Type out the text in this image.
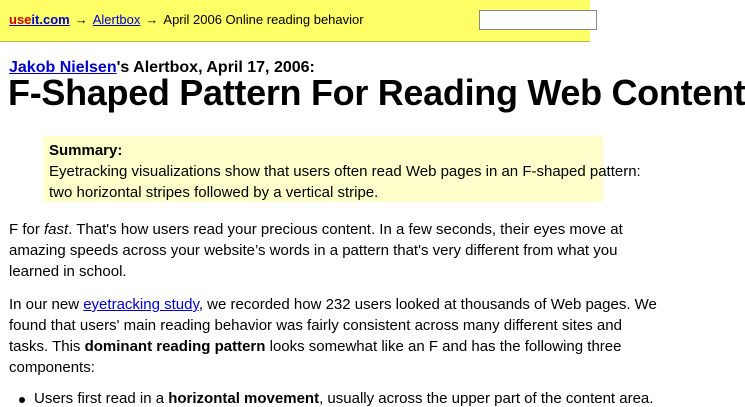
useit.com → Alertbox → April 2006 Online reading behavior
Jakob Nielsen's Alertbox, April 17, 2006:
F-Shaped Pattern For Reading Web Content
Summary:
Eyetracking visualizations show that users often read Web pages in an F-shaped pattern:
two horizontal stripes followed by a vertical stripe.
F for fast. That's how users read your precious content. In a few seconds, their eyes move at
amazing speeds across your website’s words in a pattern that's very different from what you
learned in school.
In our new eyetracking study, we recorded how 232 users looked at thousands of Web pages. We
found that users' main reading behavior was fairly consistent across many different sites and
tasks. This dominant reading pattern looks somewhat like an F and has the following three
components:
Users first read in a horizontal movement, usually across the upper part of the content area.
